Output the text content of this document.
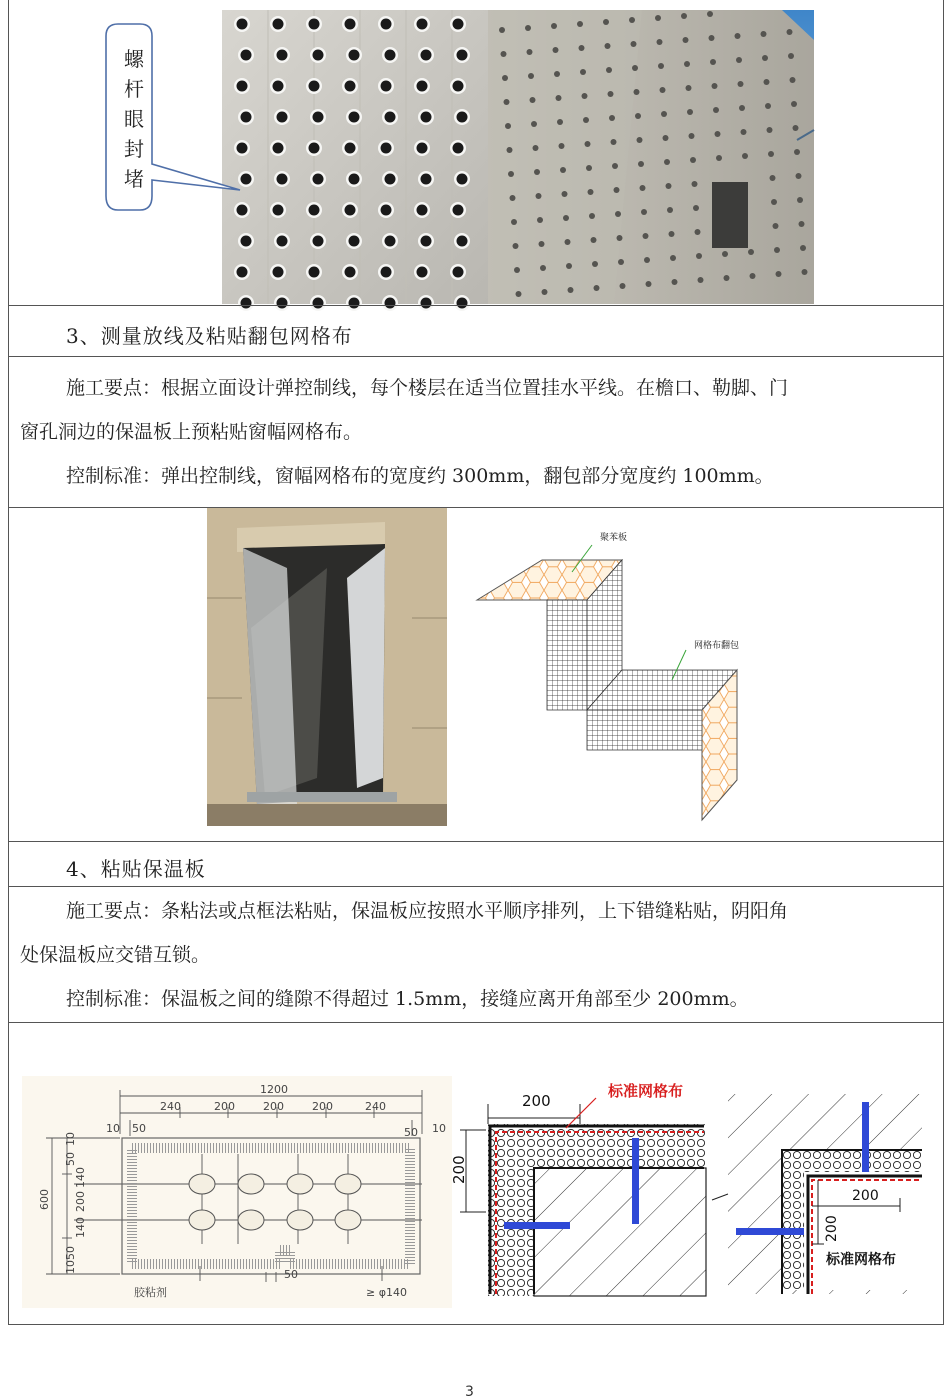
螺
杆
眼
封
堵
3、测量放线及粘贴翻包网格布
施工要点：根据立面设计弹控制线，每个楼层在适当位置挂水平线。在檐口、勒脚、门
窗孔洞边的保温板上预粘贴窗幅网格布。
控制标准：弹出控制线，窗幅网格布的宽度约 300mm，翻包部分宽度约 100mm。
聚苯板
网格布翻包
4、粘贴保温板
施工要点：条粘法或点框法粘贴，保温板应按照水平顺序排列，上下错缝粘贴，阴阳角
处保温板应交错互锁。
控制标准：保温板之间的缝隙不得超过 1.5mm，接缝应离开角部至少 200mm。
1200
240	200	200	200	240
10 50	50 10
50
胶粘剂	≥ φ140
600
10
50
140
200
140
50
10
200
200
标准网格布
200
200
标准网格布
3
